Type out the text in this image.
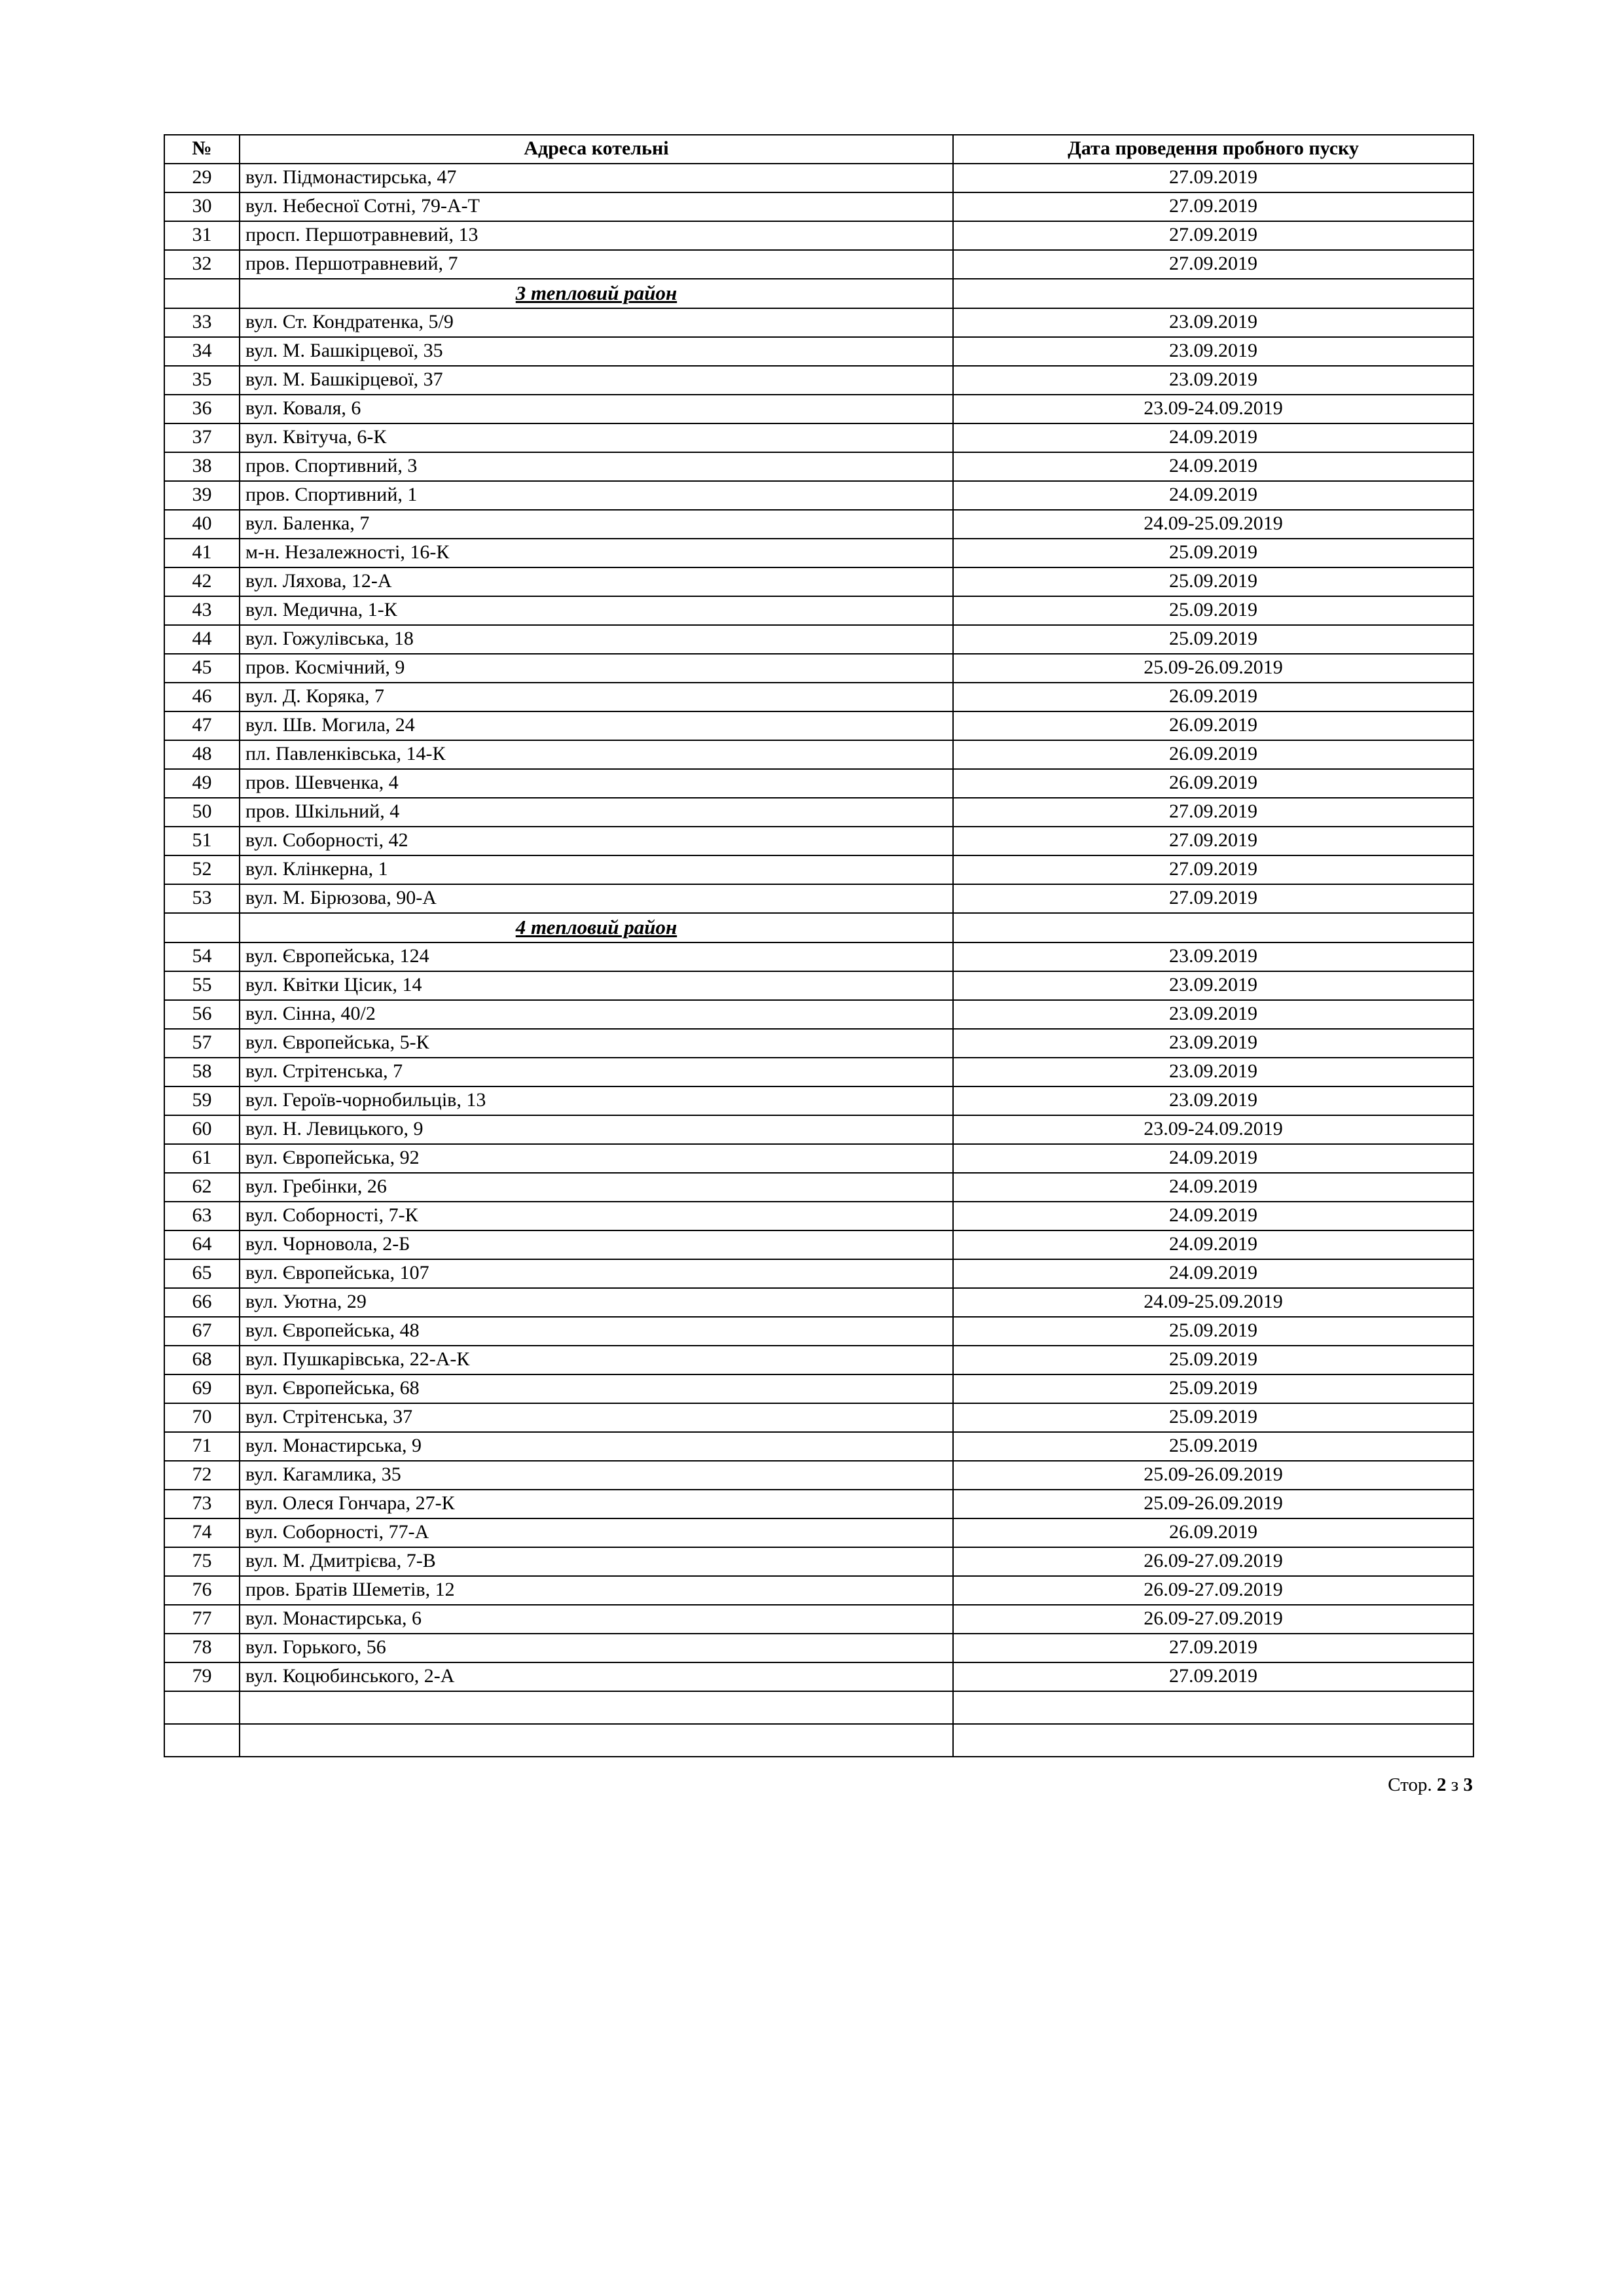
№	Адреса котельні	Дата проведення пробного пуску
29	вул. Підмонастирська, 47	27.09.2019
30	вул. Небесної Сотні, 79-А-Т	27.09.2019
31	просп. Першотравневий, 13	27.09.2019
32	пров. Першотравневий, 7	27.09.2019
	3 тепловий район	
33	вул. Ст. Кондратенка, 5/9	23.09.2019
34	вул. М. Башкірцевої, 35	23.09.2019
35	вул. М. Башкірцевої, 37	23.09.2019
36	вул. Коваля, 6	23.09-24.09.2019
37	вул. Квітуча, 6-К	24.09.2019
38	пров. Спортивний, 3	24.09.2019
39	пров. Спортивний, 1	24.09.2019
40	вул. Баленка, 7	24.09-25.09.2019
41	м-н. Незалежності, 16-К	25.09.2019
42	вул. Ляхова, 12-А	25.09.2019
43	вул. Медична, 1-К	25.09.2019
44	вул. Гожулівська, 18	25.09.2019
45	пров. Космічний, 9	25.09-26.09.2019
46	вул. Д. Коряка, 7	26.09.2019
47	вул. Шв. Могила, 24	26.09.2019
48	пл. Павленківська, 14-К	26.09.2019
49	пров. Шевченка, 4	26.09.2019
50	пров. Шкільний, 4	27.09.2019
51	вул. Соборності, 42	27.09.2019
52	вул. Клінкерна, 1	27.09.2019
53	вул. М. Бірюзова, 90-А	27.09.2019
	4 тепловий район	
54	вул. Європейська, 124	23.09.2019
55	вул. Квітки Цісик, 14	23.09.2019
56	вул. Сінна, 40/2	23.09.2019
57	вул. Європейська, 5-К	23.09.2019
58	вул. Стрітенська, 7	23.09.2019
59	вул. Героїв-чорнобильців, 13	23.09.2019
60	вул. Н. Левицького, 9	23.09-24.09.2019
61	вул. Європейська, 92	24.09.2019
62	вул. Гребінки, 26	24.09.2019
63	вул. Соборності, 7-К	24.09.2019
64	вул. Чорновола, 2-Б	24.09.2019
65	вул. Європейська, 107	24.09.2019
66	вул. Уютна, 29	24.09-25.09.2019
67	вул. Європейська, 48	25.09.2019
68	вул. Пушкарівська, 22-А-К	25.09.2019
69	вул. Європейська, 68	25.09.2019
70	вул. Стрітенська, 37	25.09.2019
71	вул. Монастирська, 9	25.09.2019
72	вул. Кагамлика, 35	25.09-26.09.2019
73	вул. Олеся Гончара, 27-К	25.09-26.09.2019
74	вул. Соборності, 77-А	26.09.2019
75	вул. М. Дмитрієва, 7-В	26.09-27.09.2019
76	пров. Братів Шеметів, 12	26.09-27.09.2019
77	вул. Монастирська, 6	26.09-27.09.2019
78	вул. Горького, 56	27.09.2019
79	вул. Коцюбинського, 2-А	27.09.2019

Стор. 2 з 3
